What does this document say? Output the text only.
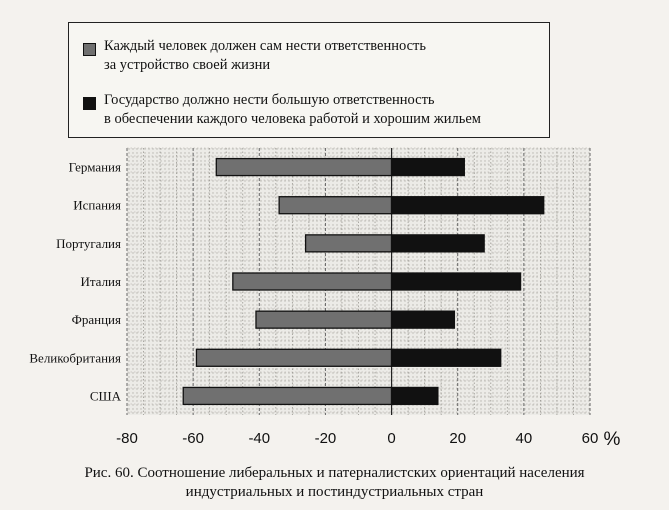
Каждый человек должен сам нести ответственность
за устройство своей жизни
Государство должно нести большую ответственность
в обеспечении каждого человека работой и хорошим жильем
Германия
Испания
Португалия
Италия
Франция
Великобритания
США
-80	-60	-40	-20	0	20	40	60 %
Рис. 60. Соотношение либеральных и патерналистских ориентаций населения
индустриальных и постиндустриальных стран
